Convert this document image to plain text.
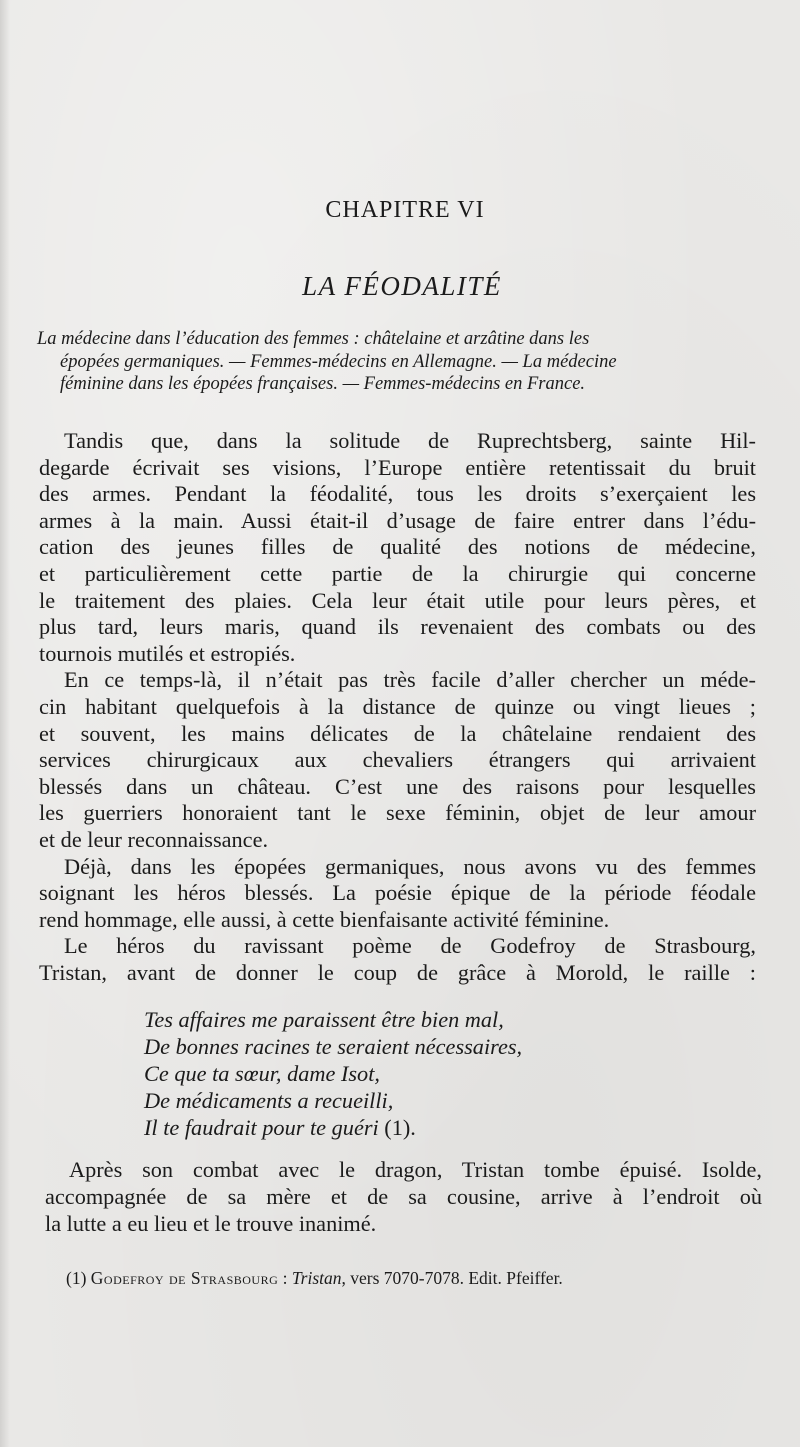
CHAPITRE VI
LA FÉODALITÉ
La médecine dans l’éducation des femmes : châtelaine et arzâtine dans les
épopées germaniques. — Femmes-médecins en Allemagne. — La médecine
féminine dans les épopées françaises. — Femmes-médecins en France.
Tandis que, dans la solitude de Ruprechtsberg, sainte Hil-
degarde écrivait ses visions, l’Europe entière retentissait du bruit
des armes. Pendant la féodalité, tous les droits s’exerçaient les
armes à la main. Aussi était-il d’usage de faire entrer dans l’édu-
cation des jeunes filles de qualité des notions de médecine,
et particulièrement cette partie de la chirurgie qui concerne
le traitement des plaies. Cela leur était utile pour leurs pères, et
plus tard, leurs maris, quand ils revenaient des combats ou des
tournois mutilés et estropiés.
En ce temps-là, il n’était pas très facile d’aller chercher un méde-
cin habitant quelquefois à la distance de quinze ou vingt lieues ;
et souvent, les mains délicates de la châtelaine rendaient des
services chirurgicaux aux chevaliers étrangers qui arrivaient
blessés dans un château. C’est une des raisons pour lesquelles
les guerriers honoraient tant le sexe féminin, objet de leur amour
et de leur reconnaissance.
Déjà, dans les épopées germaniques, nous avons vu des femmes
soignant les héros blessés. La poésie épique de la période féodale
rend hommage, elle aussi, à cette bienfaisante activité féminine.
Le héros du ravissant poème de Godefroy de Strasbourg,
Tristan, avant de donner le coup de grâce à Morold, le raille :
Tes affaires me paraissent être bien mal,
De bonnes racines te seraient nécessaires,
Ce que ta sœur, dame Isot,
De médicaments a recueilli,
Il te faudrait pour te guéri (1).
Après son combat avec le dragon, Tristan tombe épuisé. Isolde,
accompagnée de sa mère et de sa cousine, arrive à l’endroit où
la lutte a eu lieu et le trouve inanimé.
(1) Godefroy de Strasbourg : Tristan, vers 7070-7078. Edit. Pfeiffer.
